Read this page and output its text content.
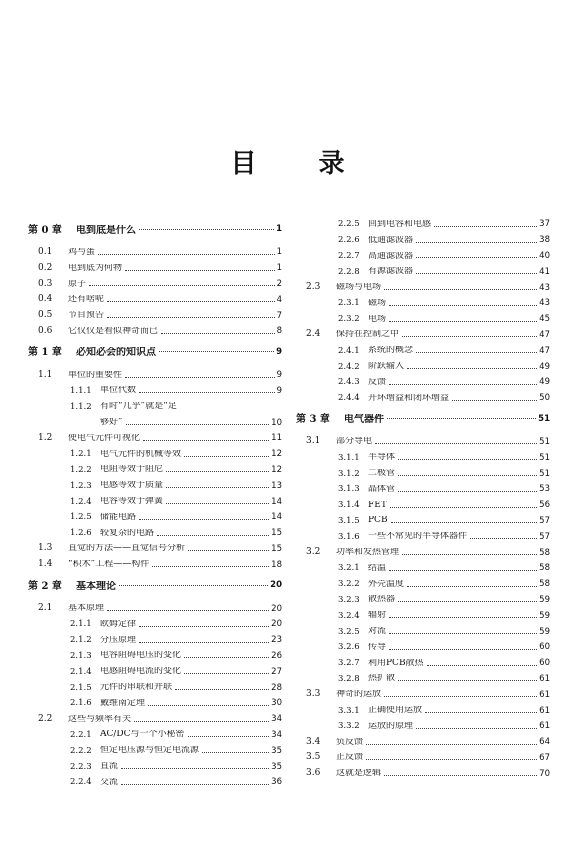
目 录
第 0 章	电到底是什么	1
0.1	鸡与蛋	1
0.2	电到底为何物	1
0.3	原子	2
0.4	还有啥呢	4
0.5	节目预告	7
0.6	它仅仅是看似神奇而已	8
第 1 章	必知必会的知识点	9
1.1	单位的重要性	9
1.1.1 单位代数	9
1.1.2 有时“几乎”就是“足
够好”	10
1.2	使电气元件可视化	11
1.2.1 电气元件的机械等效	12
1.2.2 电阻等效于阻尼	12
1.2.3 电感等效于质量	13
1.2.4 电容等效于弹簧	14
1.2.5 储能电路	14
1.2.6 较复杂的电路	15
1.3	直觉的方法——直觉信号分析	15
1.4	“积木”工程——构件	18
第 2 章	基本理论	20
2.1	基本原理	20
2.1.1 欧姆定律	20
2.1.2 分压原理	23
2.1.3 电容阻碍电压的变化	26
2.1.4 电感阻碍电流的变化	27
2.1.5 元件的串联和并联	28
2.1.6 戴维南定理	30
2.2	这些与频率有关	34
2.2.1 AC/DC与一个小秘密	34
2.2.2 恒定电压源与恒定电流源	35
2.2.3 直流	35
2.2.4 交流	36
2.2.5 回到电容和电感	37
2.2.6 低通滤波器	38
2.2.7 高通滤波器	40
2.2.8 有源滤波器	41
2.3	磁场与电场	43
2.3.1 磁场	43
2.3.2 电场	45
2.4	保持在控制之中	47
2.4.1 系统的概念	47
2.4.2 阶跃输入	49
2.4.3 反馈	49
2.4.4 开环增益和闭环增益	50
第 3 章	电气器件	51
3.1	部分导电	51
3.1.1 半导体	51
3.1.2 二极管	51
3.1.3 晶体管	53
3.1.4 FET	56
3.1.5 PCB	57
3.1.6 一些不常见的半导体器件	57
3.2	功率和发热管理	58
3.2.1 结温	58
3.2.2 外壳温度	58
3.2.3 散热器	59
3.2.4 辐射	59
3.2.5 对流	59
3.2.6 传导	60
3.2.7 利用PCB散热	60
3.2.8 热扩散	61
3.3	神奇的运放	61
3.3.1 正确使用运放	61
3.3.2 运放的原理	61
3.4	负反馈	64
3.5	正反馈	67
3.6	这就是逻辑	70
